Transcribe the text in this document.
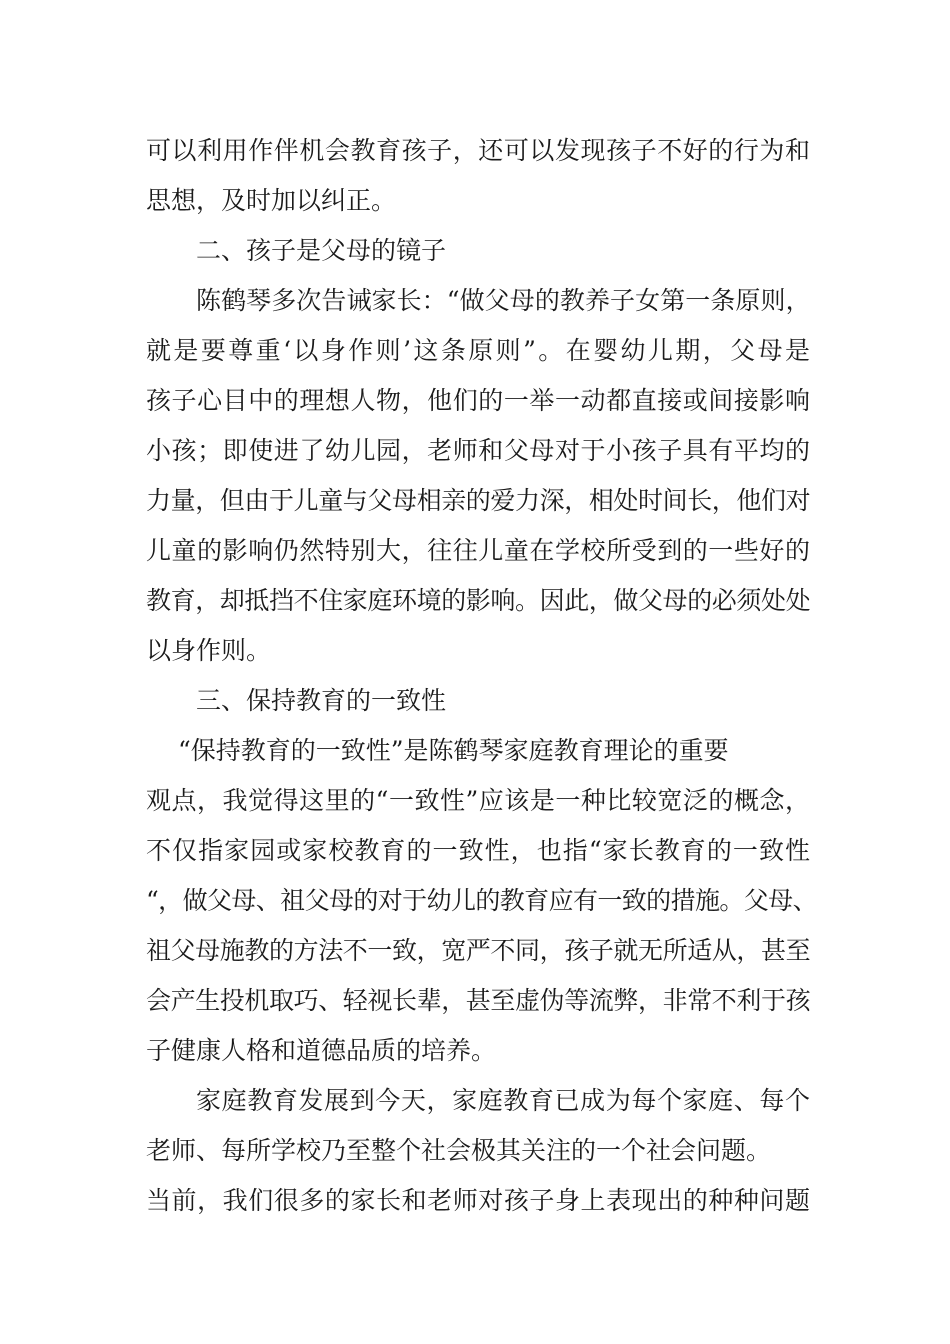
可以利用作伴机会教育孩子，还可以发现孩子不好的行为和
思想，及时加以纠正。
二、孩子是父母的镜子
陈鹤琴多次告诫家长：“做父母的教养子女第一条原则，
就是要尊重‘以身作则’这条原则”。在婴幼儿期，父母是
孩子心目中的理想人物，他们的一举一动都直接或间接影响
小孩；即使进了幼儿园，老师和父母对于小孩子具有平均的
力量，但由于儿童与父母相亲的爱力深，相处时间长，他们对
儿童的影响仍然特别大，往往儿童在学校所受到的一些好的
教育，却抵挡不住家庭环境的影响。因此，做父母的必须处处
以身作则。
三、保持教育的一致性
“保持教育的一致性”是陈鹤琴家庭教育理论的重要
观点，我觉得这里的“一致性”应该是一种比较宽泛的概念，
不仅指家园或家校教育的一致性，也指“家长教育的一致性
“，做父母、祖父母的对于幼儿的教育应有一致的措施。父母、
祖父母施教的方法不一致，宽严不同，孩子就无所适从，甚至
会产生投机取巧、轻视长辈，甚至虚伪等流弊，非常不利于孩
子健康人格和道德品质的培养。
家庭教育发展到今天，家庭教育已成为每个家庭、每个
老师、每所学校乃至整个社会极其关注的一个社会问题。
当前，我们很多的家长和老师对孩子身上表现出的种种问题
